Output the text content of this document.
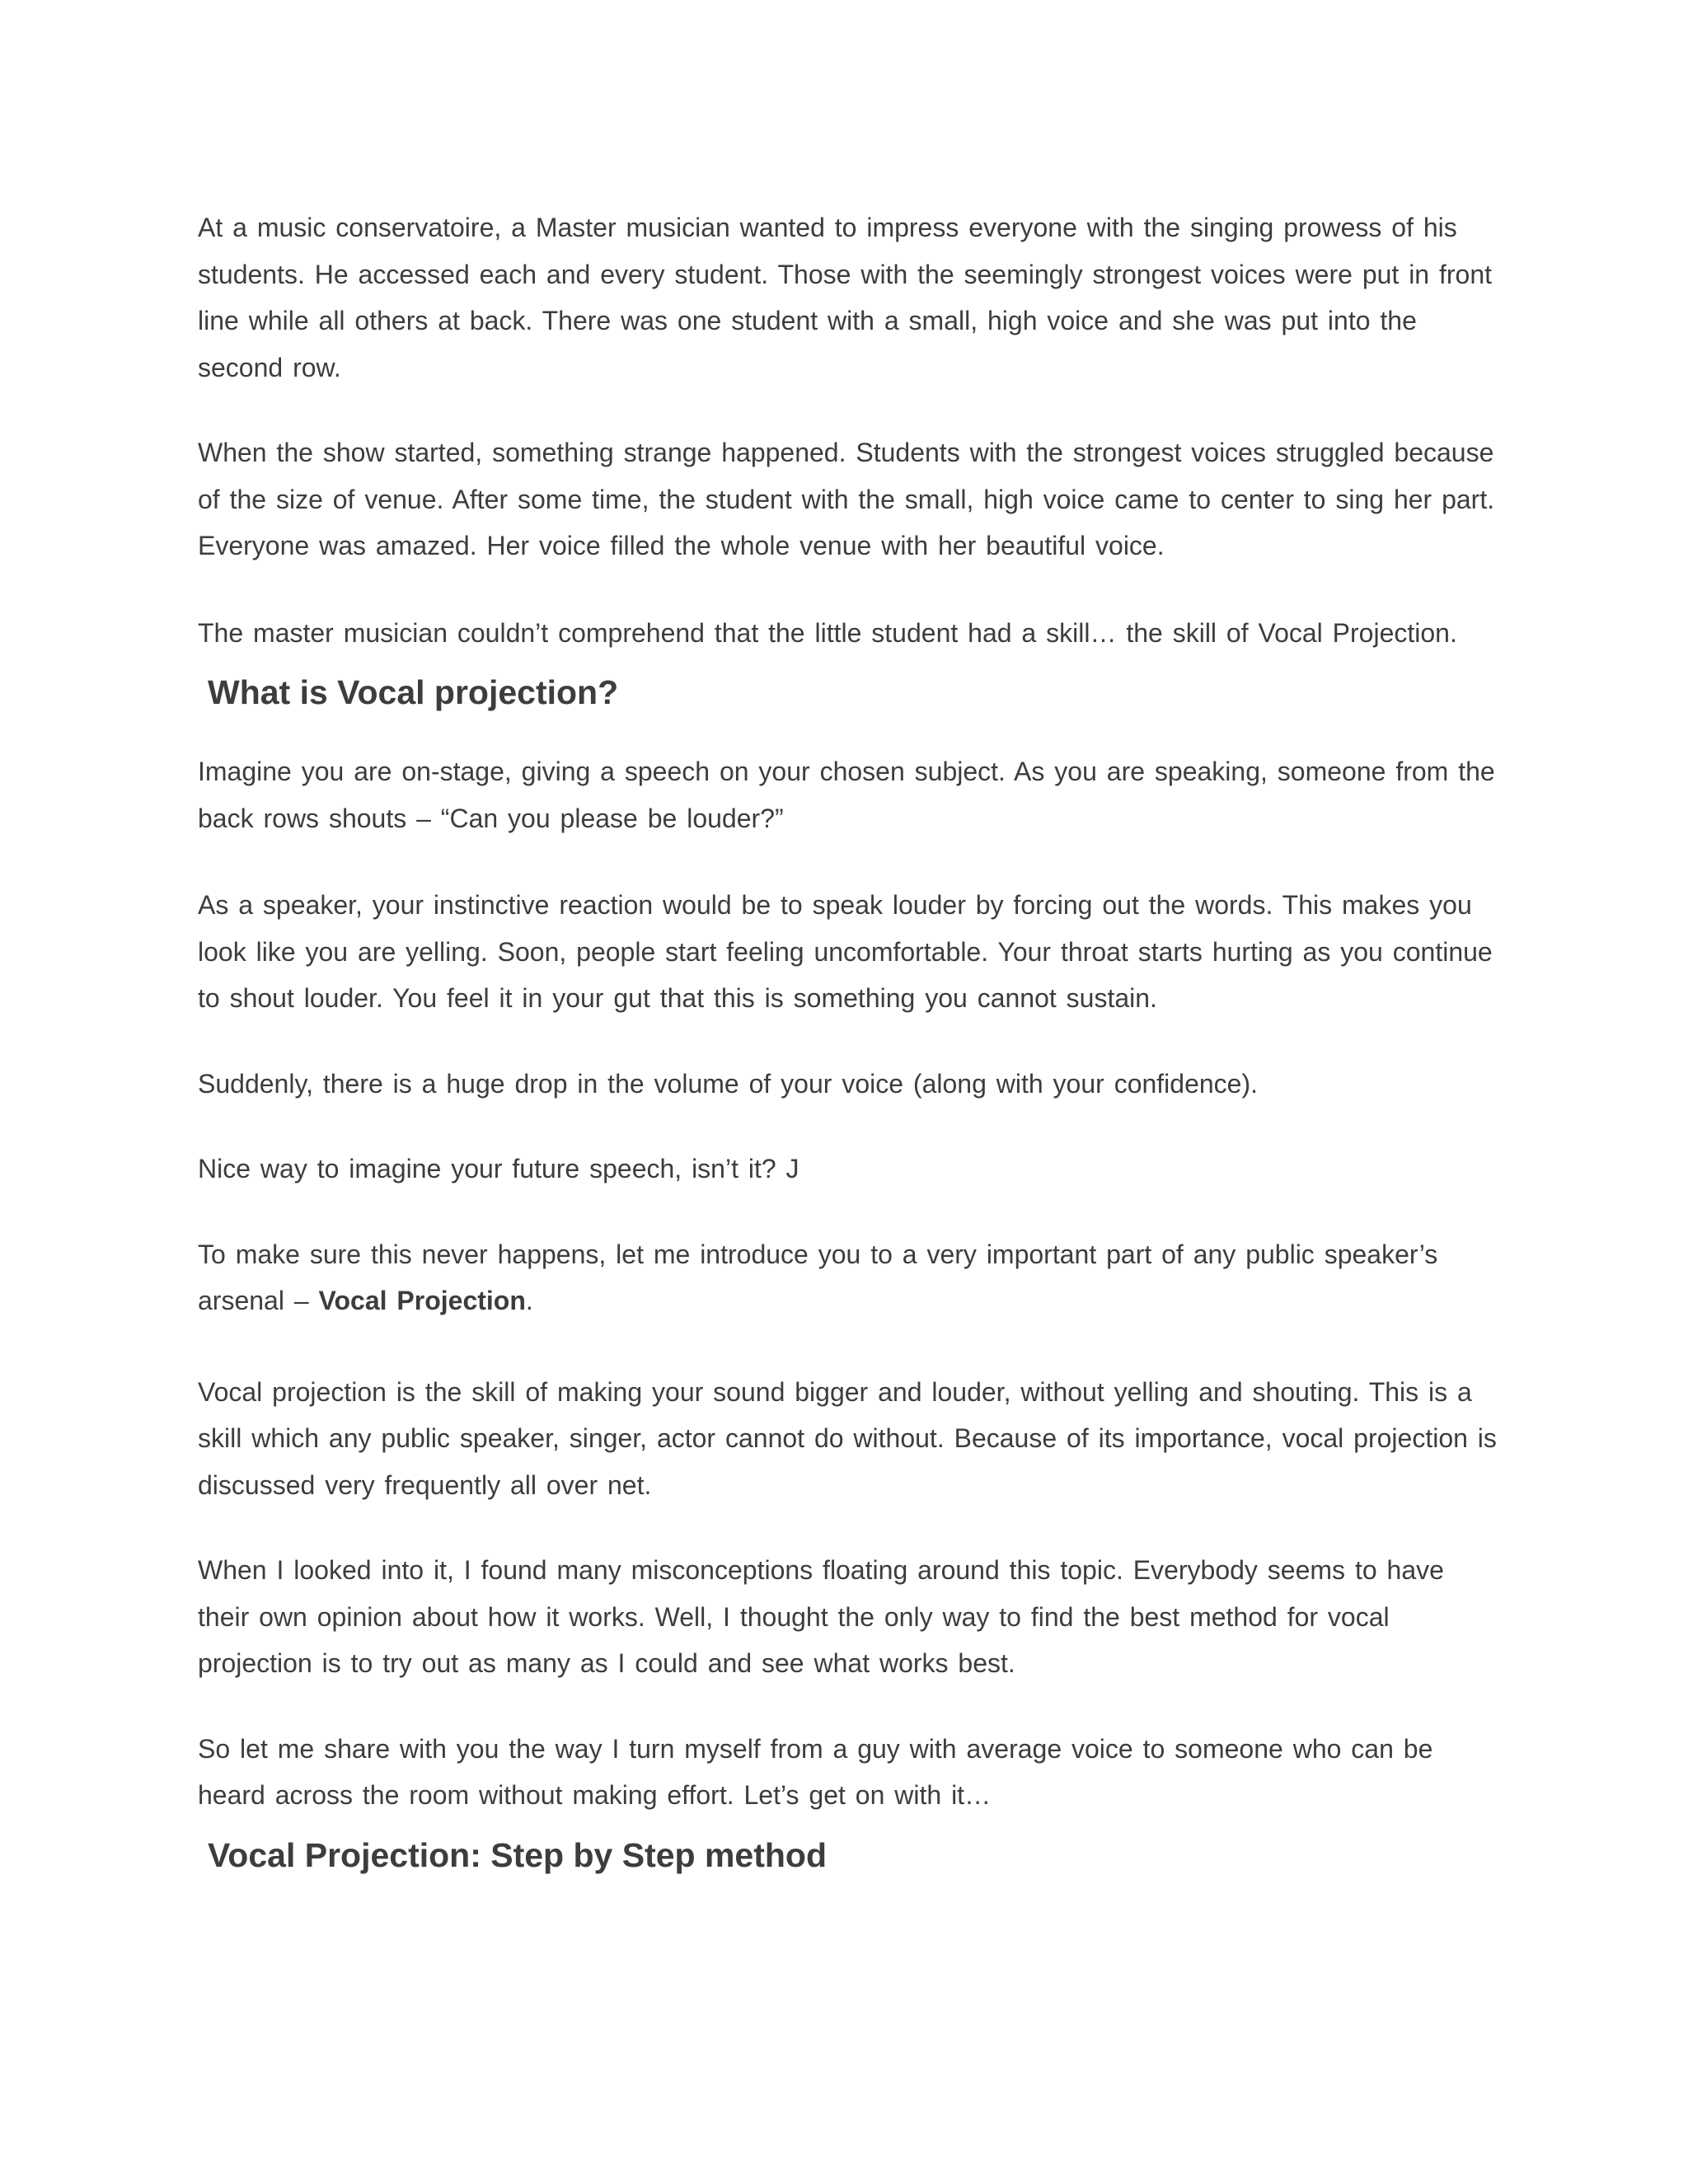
At a music conservatoire, a Master musician wanted to impress everyone with the singing prowess of his students. He accessed each and every student. Those with the seemingly strongest voices were put in front line while all others at back. There was one student with a small, high voice and she was put into the second row.

When the show started, something strange happened. Students with the strongest voices struggled because of the size of venue. After some time, the student with the small, high voice came to center to sing her part. Everyone was amazed. Her voice filled the whole venue with her beautiful voice.

The master musician couldn’t comprehend that the little student had a skill… the skill of Vocal Projection.

What is Vocal projection?

Imagine you are on-stage, giving a speech on your chosen subject. As you are speaking, someone from the back rows shouts – “Can you please be louder?”

As a speaker, your instinctive reaction would be to speak louder by forcing out the words. This makes you look like you are yelling. Soon, people start feeling uncomfortable. Your throat starts hurting as you continue to shout louder. You feel it in your gut that this is something you cannot sustain.

Suddenly, there is a huge drop in the volume of your voice (along with your confidence).

Nice way to imagine your future speech, isn’t it? J

To make sure this never happens, let me introduce you to a very important part of any public speaker’s arsenal – Vocal Projection.

Vocal projection is the skill of making your sound bigger and louder, without yelling and shouting. This is a skill which any public speaker, singer, actor cannot do without. Because of its importance, vocal projection is discussed very frequently all over net.

When I looked into it, I found many misconceptions floating around this topic. Everybody seems to have their own opinion about how it works. Well, I thought the only way to find the best method for vocal projection is to try out as many as I could and see what works best.

So let me share with you the way I turn myself from a guy with average voice to someone who can be heard across the room without making effort. Let’s get on with it…

Vocal Projection: Step by Step method
